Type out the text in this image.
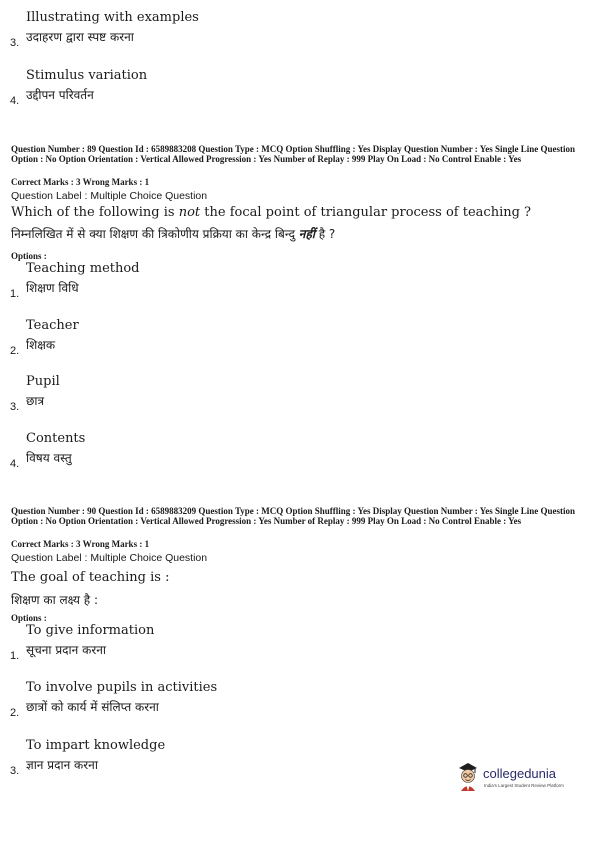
Illustrating with examples
3. उदाहरण द्वारा स्पष्ट करना
Stimulus variation
4. उद्दीपन परिवर्तन
Question Number : 89 Question Id : 6589883208 Question Type : MCQ Option Shuffling : Yes Display Question Number : Yes Single Line Question Option : No Option Orientation : Vertical Allowed Progression : Yes Number of Replay : 999 Play On Load : No Control Enable : Yes
Correct Marks : 3 Wrong Marks : 1
Question Label : Multiple Choice Question
Which of the following is not the focal point of triangular process of teaching ?
निम्नलिखित में से क्या शिक्षण की त्रिकोणीय प्रक्रिया का केन्द्र बिन्दु नहीं है ?
Options :
Teaching method
1. शिक्षण विधि
Teacher
2. शिक्षक
Pupil
3. छात्र
Contents
4. विषय वस्तु
Question Number : 90 Question Id : 6589883209 Question Type : MCQ Option Shuffling : Yes Display Question Number : Yes Single Line Question Option : No Option Orientation : Vertical Allowed Progression : Yes Number of Replay : 999 Play On Load : No Control Enable : Yes
Correct Marks : 3 Wrong Marks : 1
Question Label : Multiple Choice Question
The goal of teaching is :
शिक्षण का लक्ष्य है :
Options :
To give information
1. सूचना प्रदान करना
To involve pupils in activities
2. छात्रों को कार्य में संलिप्त करना
To impart knowledge
3. ज्ञान प्रदान करना
collegedunia
India's Largest Student Review Platform
